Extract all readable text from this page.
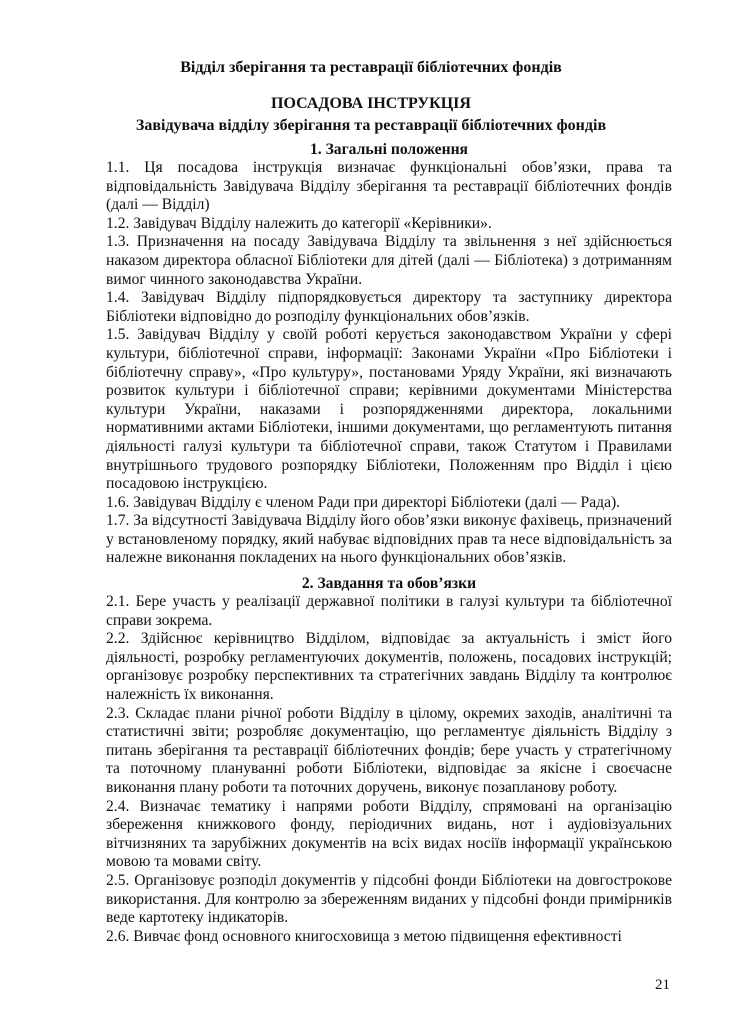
Відділ зберігання та реставрації бібліотечних фондів
ПОСАДОВА ІНСТРУКЦІЯ
Завідувача відділу зберігання та реставрації бібліотечних фондів
1. Загальні положення

1.1. Ця посадова інструкція визначає функціональні обов’язки, права та відповідальність Завідувача Відділу зберігання та реставрації бібліотечних фондів (далі — Відділ)

1.2. Завідувач Відділу належить до категорії «Керівники».

1.3. Призначення на посаду Завідувача Відділу та звільнення з неї здійснюється наказом директора обласної Бібліотеки для дітей (далі — Бібліотека) з дотриманням вимог чинного законодавства України.

1.4. Завідувач Відділу підпорядковується директору та заступнику директора Бібліотеки відповідно до розподілу функціональних обов’язків.

1.5. Завідувач Відділу у своїй роботі керується законодавством України у сфері культури, бібліотечної справи, інформації: Законами України «Про Бібліотеки і бібліотечну справу», «Про культуру», постановами Уряду України, які визначають розвиток культури і бібліотечної справи; керівними документами Міністерства культури України, наказами і розпорядженнями директора, локальними нормативними актами Бібліотеки, іншими документами, що регламентують питання діяльності галузі культури та бібліотечної справи, також Статутом і Правилами внутрішнього трудового розпорядку Бібліотеки, Положенням про Відділ і цією посадовою інструкцією.

1.6. Завідувач Відділу є членом Ради при директорі Бібліотеки (далі — Рада).

1.7. За відсутності Завідувача Відділу його обов’язки виконує фахівець, призначений у встановленому порядку, який набуває відповідних прав та несе відповідальність за належне виконання покладених на нього функціональних обов’язків.

2. Завдання та обов’язки

2.1. Бере участь у реалізації державної політики в галузі культури та бібліотечної справи зокрема.

2.2. Здійснює керівництво Відділом, відповідає за актуальність і зміст його діяльності, розробку регламентуючих документів, положень, посадових інструкцій; організовує розробку перспективних та стратегічних завдань Відділу та контролює належність їх виконання.

2.3. Складає плани річної роботи Відділу в цілому, окремих заходів, аналітичні та статистичні звіти; розробляє документацію, що регламентує діяльність Відділу з питань зберігання та реставрації бібліотечних фондів; бере участь у стратегічному та поточному плануванні роботи Бібліотеки, відповідає за якісне і своєчасне виконання плану роботи та поточних доручень, виконує позапланову роботу.

2.4. Визначає тематику і напрями роботи Відділу, спрямовані на організацію збереження книжкового фонду, періодичних видань, нот і аудіовізуальних вітчизняних та зарубіжних документів на всіх видах носіїв інформації українською мовою та мовами світу.

2.5. Організовує розподіл документів у підсобні фонди Бібліотеки на довгострокове використання. Для контролю за збереженням виданих у підсобні фонди примірників веде картотеку індикаторів.

2.6. Вивчає фонд основного книгосховища з метою підвищення ефективності

21
